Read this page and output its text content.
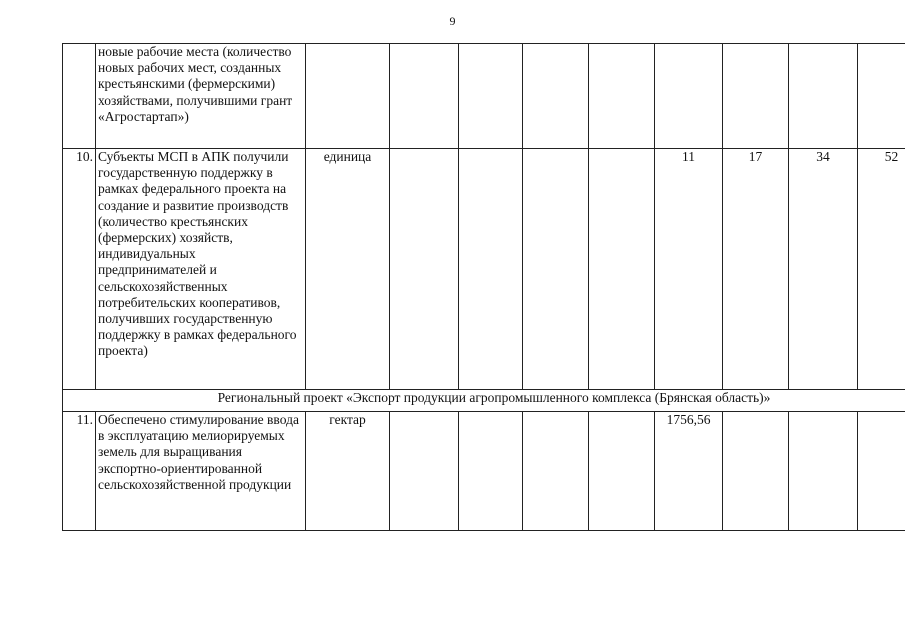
9
	новые рабочие места (количество новых рабочих мест, созданных крестьянскими (фермерскими) хозяйствами, получившими грант «Агростартап»)									
10.	Субъекты МСП в АПК получили государственную поддержку в рамках федерального проекта на создание и развитие производств (количество крестьянских (фермерских) хозяйств, индивидуальных предпринимателей и сельскохозяйственных потребительских кооперативов, получивших государственную поддержку в рамках федерального проекта)	единица					11	17	34	52
Региональный проект «Экспорт продукции агропромышленного комплекса (Брянская область)»										
11.	Обеспечено стимулирование ввода в эксплуатацию мелиорируемых земель для выращивания экспортно-ориентированной сельскохозяйственной продукции	гектар					1756,56			
